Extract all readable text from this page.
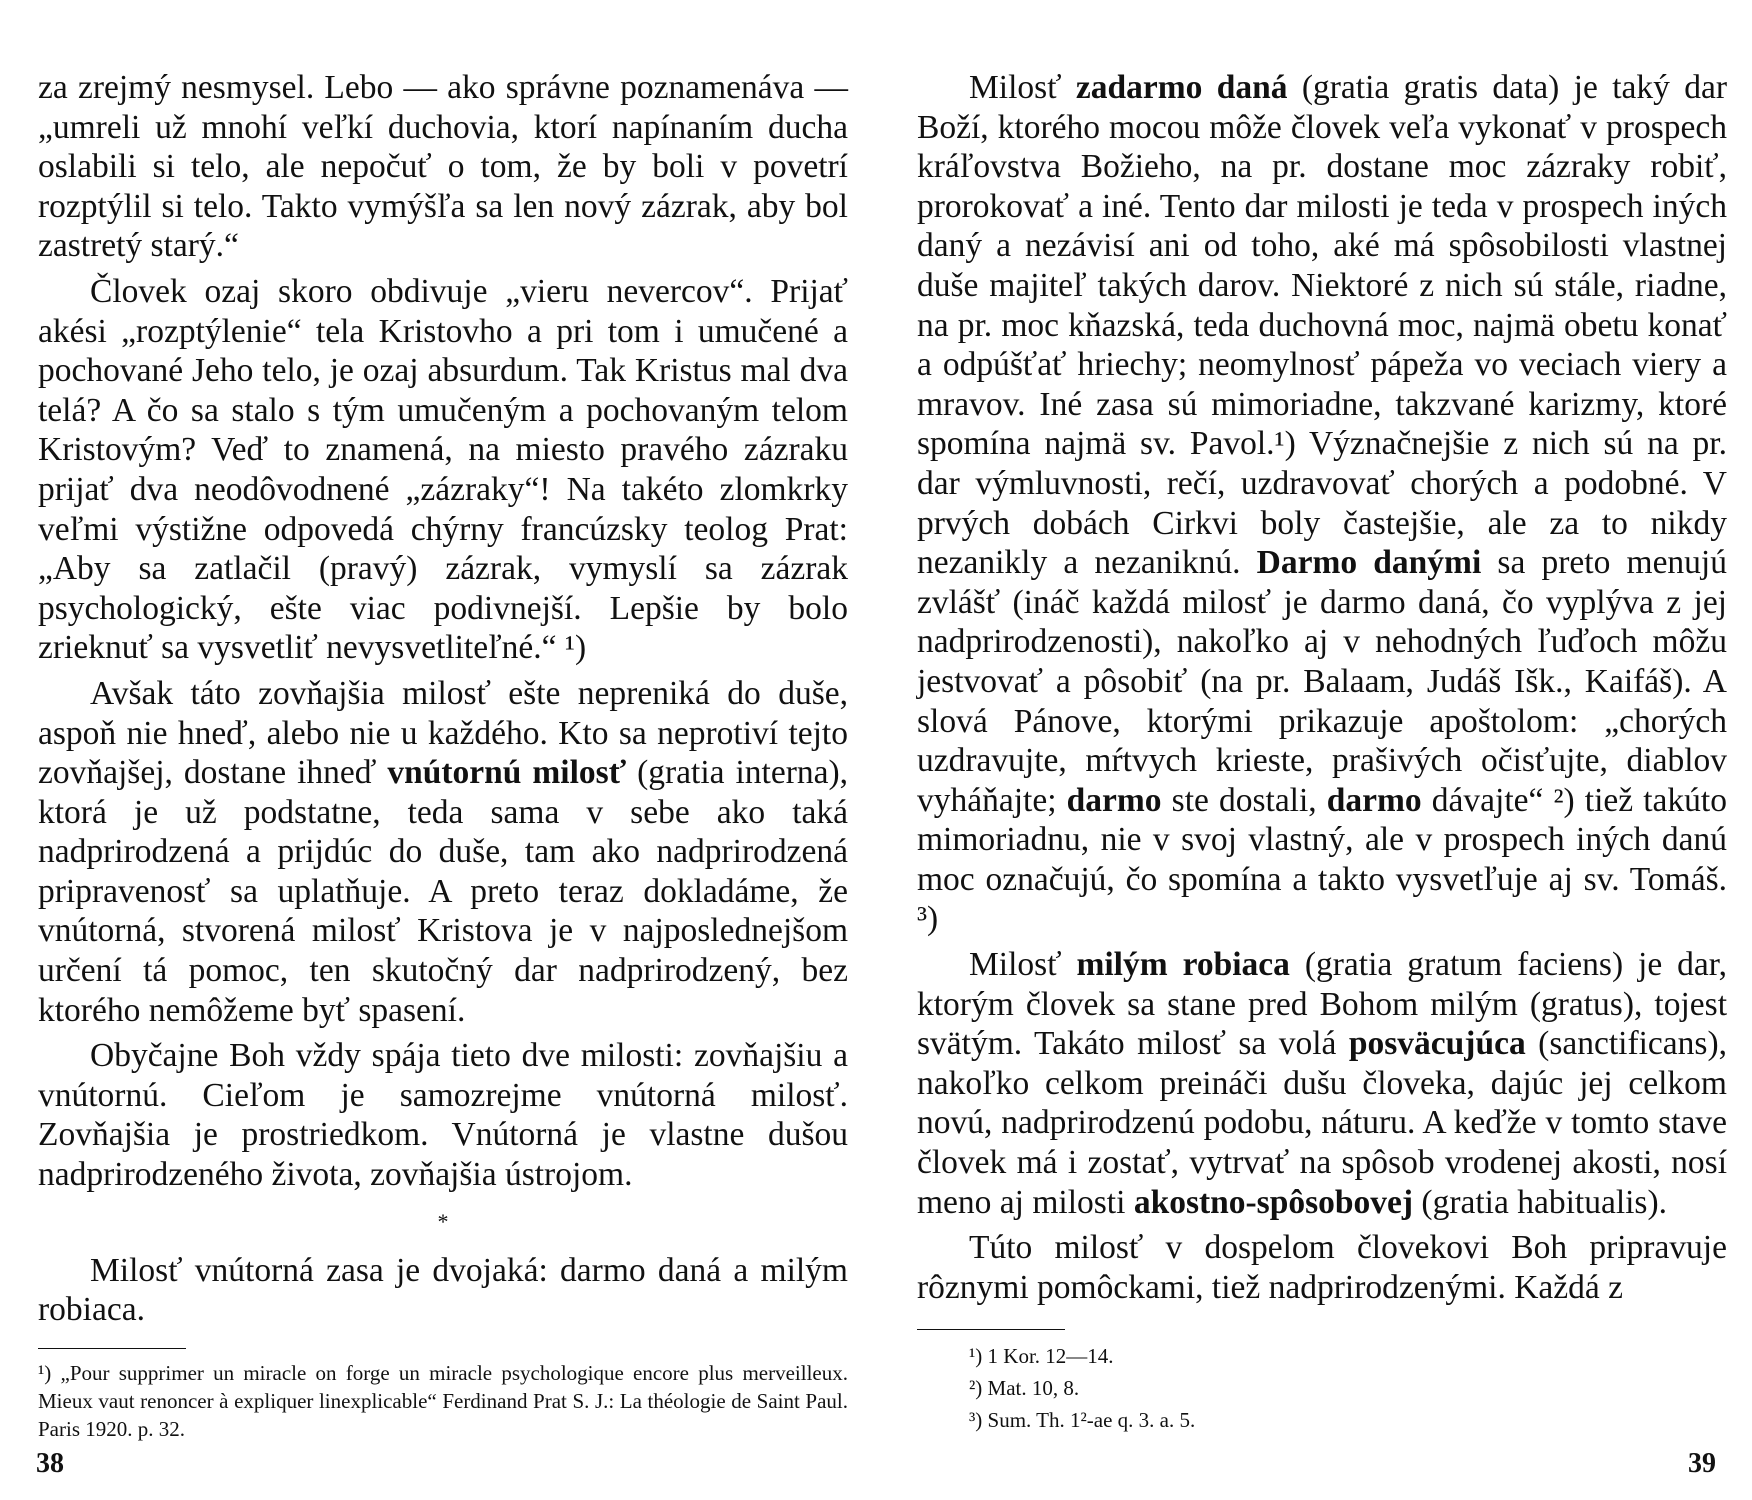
za zrejmý nesmysel. Lebo — ako správne poznamenáva — „umreli už mnohí veľkí duchovia, ktorí napínaním ducha oslabili si telo, ale nepočuť o tom, že by boli v povetrí rozptýlil si telo. Takto vymýšľa sa len nový zázrak, aby bol zastretý starý.“

Človek ozaj skoro obdivuje „vieru nevercov“. Prijať akési „rozptýlenie“ tela Kristovho a pri tom i umučené a pochované Jeho telo, je ozaj absurdum. Tak Kristus mal dva telá? A čo sa stalo s tým umučeným a pochovaným telom Kristovým? Veď to znamená, na miesto pravého zázraku prijať dva neodôvodnené „zázraky“! Na takéto zlomkrky veľmi výstižne odpovedá chýrny francúzsky teolog Prat: „Aby sa zatlačil (pravý) zázrak, vymyslí sa zázrak psychologický, ešte viac podivnejší. Lepšie by bolo zrieknuť sa vysvetliť nevysvetliteľné.“ ¹)

Avšak táto zovňajšia milosť ešte nepreniká do duše, aspoň nie hneď, alebo nie u každého. Kto sa neprotiví tejto zovňajšej, dostane ihneď vnútornú milosť (gratia interna), ktorá je už podstatne, teda sama v sebe ako taká nadprirodzená a prijdúc do duše, tam ako nadprirodzená pripravenosť sa uplatňuje. A preto teraz dokladáme, že vnútorná, stvorená milosť Kristova je v najposlednejšom určení tá pomoc, ten skutočný dar nadprirodzený, bez ktorého nemôžeme byť spasení.

Obyčajne Boh vždy spája tieto dve milosti: zovňajšiu a vnútornú. Cieľom je samozrejme vnútorná milosť. Zovňajšia je prostriedkom. Vnútorná je vlastne dušou nadprirodzeného života, zovňajšia ústrojom.

*

Milosť vnútorná zasa je dvojaká: darmo daná a milým robiaca.

¹) „Pour supprimer un miracle on forge un miracle psychologique encore plus merveilleux. Mieux vaut renoncer à expliquer linexplicable“ Ferdinand Prat S. J.: La théologie de Saint Paul. Paris 1920. p. 32.
38

Milosť zadarmo daná (gratia gratis data) je taký dar Boží, ktorého mocou môže človek veľa vykonať v prospech kráľovstva Božieho, na pr. dostane moc zázraky robiť, prorokovať a iné. Tento dar milosti je teda v prospech iných daný a nezávisí ani od toho, aké má spôsobilosti vlastnej duše majiteľ takých darov. Niektoré z nich sú stále, riadne, na pr. moc kňazská, teda duchovná moc, najmä obetu konať a odpúšťať hriechy; neomylnosť pápeža vo veciach viery a mravov. Iné zasa sú mimoriadne, takzvané karizmy, ktoré spomína najmä sv. Pavol.¹) Význačnejšie z nich sú na pr. dar výmluvnosti, rečí, uzdravovať chorých a podobné. V prvých dobách Cirkvi boly častejšie, ale za to nikdy nezanikly a nezaniknú. Darmo danými sa preto menujú zvlášť (ináč každá milosť je darmo daná, čo vyplýva z jej nadprirodzenosti), nakoľko aj v nehodných ľuďoch môžu jestvovať a pôsobiť (na pr. Balaam, Judáš Išk., Kaifáš). A slová Pánove, ktorými prikazuje apoštolom: „chorých uzdravujte, mŕtvych krieste, prašivých očisťujte, diablov vyháňajte; darmo ste dostali, darmo dávajte“ ²) tiež takúto mimoriadnu, nie v svoj vlastný, ale v prospech iných danú moc označujú, čo spomína a takto vysvetľuje aj sv. Tomáš. ³)

Milosť milým robiaca (gratia gratum faciens) je dar, ktorým človek sa stane pred Bohom milým (gratus), tojest svätým. Takáto milosť sa volá posväcujúca (sanctificans), nakoľko celkom preináči dušu človeka, dajúc jej celkom novú, nadprirodzenú podobu, náturu. A keďže v tomto stave človek má i zostať, vytrvať na spôsob vrodenej akosti, nosí meno aj milosti akostno-spôsobovej (gratia habitualis).

Túto milosť v dospelom človekovi Boh pripravuje rôznymi pomôckami, tiež nadprirodzenými. Každá z

¹) 1 Kor. 12—14.
²) Mat. 10, 8.
³) Sum. Th. 1²-ae q. 3. a. 5.
39
